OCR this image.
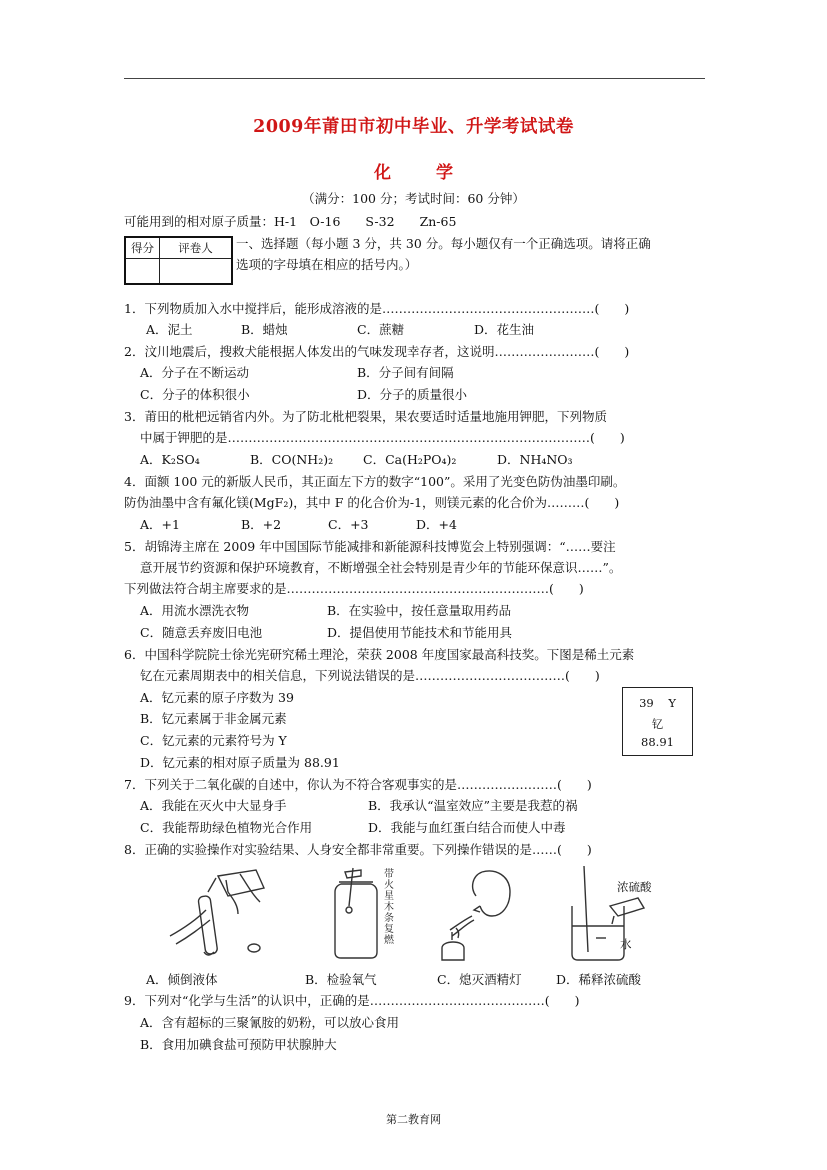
2009年莆田市初中毕业、升学考试试卷
化　学
（满分：100 分；考试时间：60 分钟）
可能用到的相对原子质量：H-1　O-16　　S-32　　Zn-65
得分	评卷人
	一、选择题（每小题 3 分，共 30 分。每小题仅有一个正确选项。请将正确
选项的字母填在相应的括号内。）
1．下列物质加入水中搅拌后，能形成溶液的是……………………………………………(　　)
A．泥土	B．蜡烛	C．蔗糖	D．花生油
2．汶川地震后，搜救犬能根据人体发出的气味发现幸存者，这说明……………………(　　)
A．分子在不断运动	B．分子间有间隔
C．分子的体积很小	D．分子的质量很小
3．莆田的枇杷远销省内外。为了防北枇杷裂果，果农要适时适量地施用钾肥，下列物质
中属于钾肥的是……………………………………………………………………………(　　)
A．K₂SO₄	B．CO(NH₂)₂ C．Ca(H₂PO₄)₂	D．NH₄NO₃
4．面额 100 元的新版人民币，其正面左下方的数字“100”。采用了光变色防伪油墨印刷。
防伪油墨中含有氟化镁(MgF₂)，其中 F 的化合价为-1，则镁元素的化合价为………(　　)
A．+1	B．+2	C．+3	D．+4
5．胡锦涛主席在 2009 年中国国际节能减排和新能源科技博览会上特别强调：“……要注
意开展节约资源和保护环境教育，不断增强全社会特别是青少年的节能环保意识……”。
下列做法符合胡主席要求的是………………………………………………………(　　)
A．用流水漂洗衣物	B．在实验中，按任意量取用药品
C．随意丢弃废旧电池	D．提倡使用节能技术和节能用具
6．中国科学院院士徐光宪研究稀土理沦，荣获 2008 年度国家最高科技奖。下图是稀土元素
钇在元素周期表中的相关信息，下列说法错误的是………………………………(　　)
A．钇元素的原子序数为 39
B．钇元素属于非金属元素
C．钇元素的元素符号为 Y
D．钇元素的相对原子质量为 88.91
39 Y
钇
88.91
7．下列关于二氧化碳的自述中，你认为不符合客观事实的是……………………(　　)
A．我能在灭火中大显身手	B．我承认“温室效应”主要是我惹的祸
C．我能帮助绿色植物光合作用	D．我能与血红蛋白结合而使人中毒
8．正确的实验操作对实验结果、人身安全都非常重要。下列操作错误的是……(　　)
带火星木条复燃
浓硫酸
水
A．倾倒液体	B．检验氧气	C．熄灭酒精灯	D．稀释浓硫酸
9．下列对“化学与生活”的认识中，正确的是……………………………………(　　)
A．含有超标的三聚氰胺的奶粉，可以放心食用
B．食用加碘食盐可预防甲状腺肿大
第二教育网
